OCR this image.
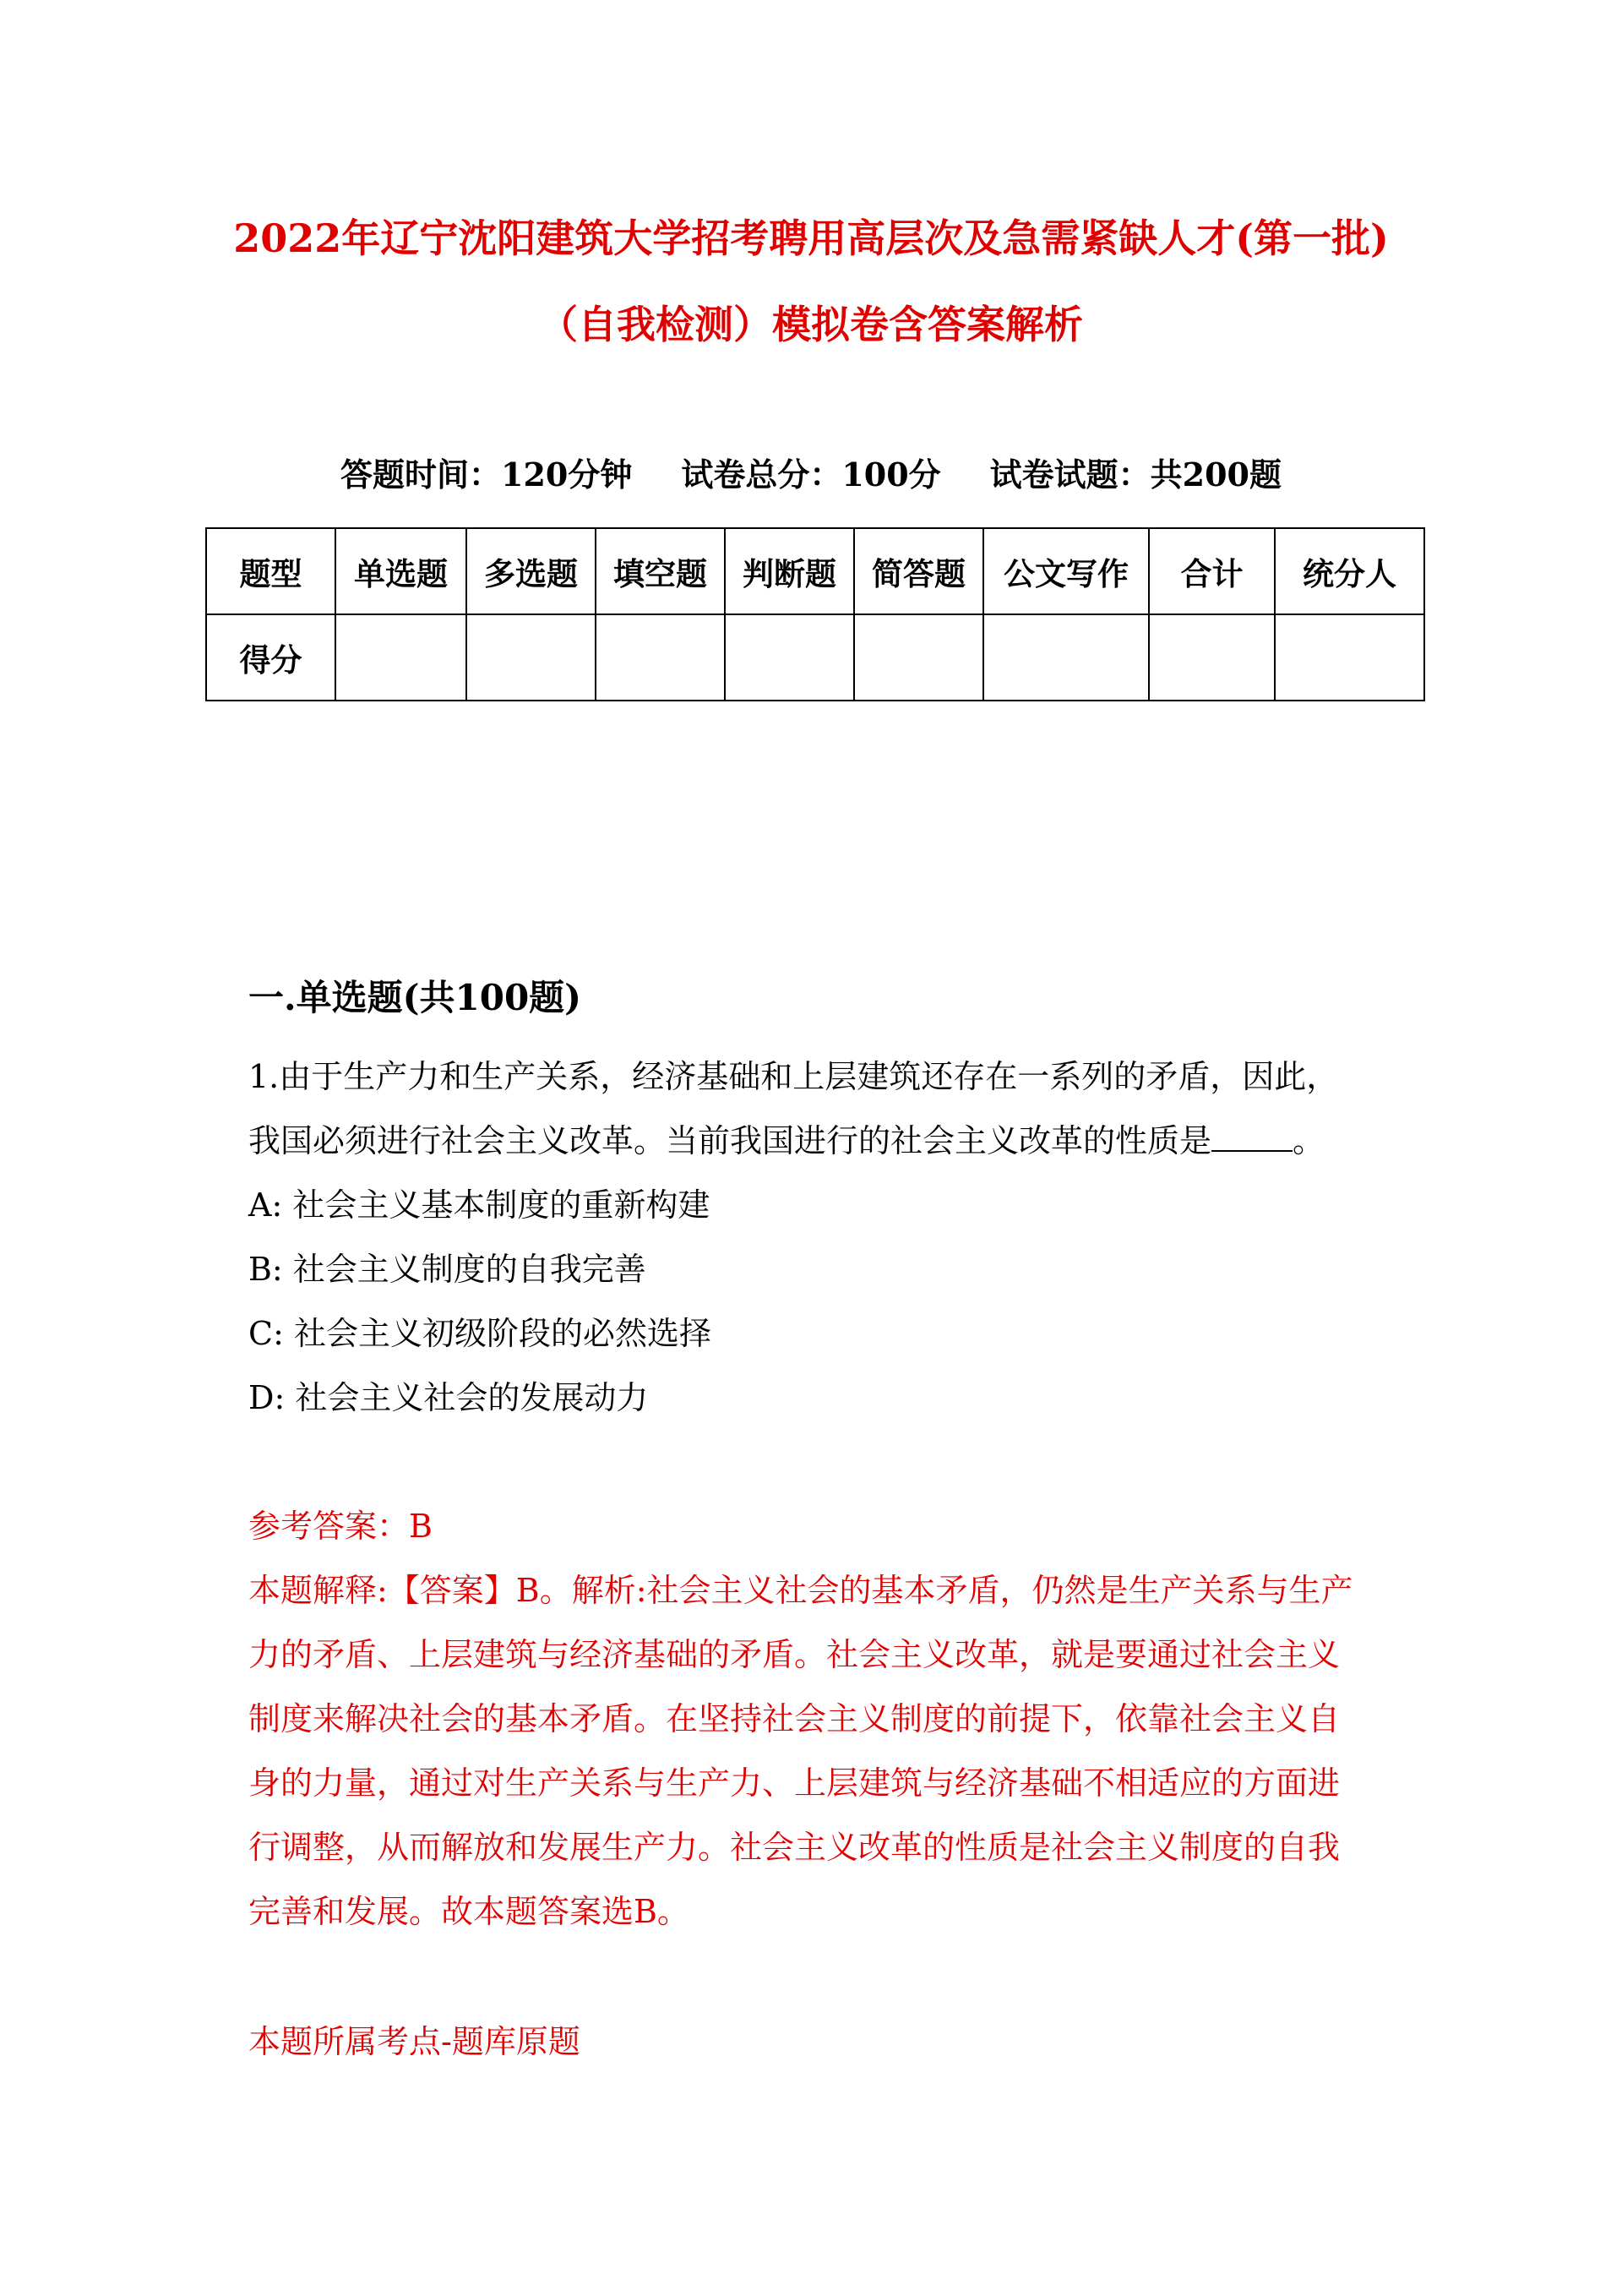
2022年辽宁沈阳建筑大学招考聘用高层次及急需紧缺人才(第一批)
（自我检测）模拟卷含答案解析
答题时间：120分钟 试卷总分：100分 试卷试题：共200题
题型	单选题	多选题	填空题	判断题	简答题	公文写作	合计	统分人
得分								
一.单选题(共100题)
1.由于生产力和生产关系，经济基础和上层建筑还存在一系列的矛盾，因此，
我国必须进行社会主义改革。当前我国进行的社会主义改革的性质是	。
A: 社会主义基本制度的重新构建
B: 社会主义制度的自我完善
C: 社会主义初级阶段的必然选择
D: 社会主义社会的发展动力
参考答案：B
本题解释:【答案】B。解析:社会主义社会的基本矛盾，仍然是生产关系与生产
力的矛盾、上层建筑与经济基础的矛盾。社会主义改革，就是要通过社会主义
制度来解决社会的基本矛盾。在坚持社会主义制度的前提下，依靠社会主义自
身的力量，通过对生产关系与生产力、上层建筑与经济基础不相适应的方面进
行调整，从而解放和发展生产力。社会主义改革的性质是社会主义制度的自我
完善和发展。故本题答案选B。
本题所属考点-题库原题
